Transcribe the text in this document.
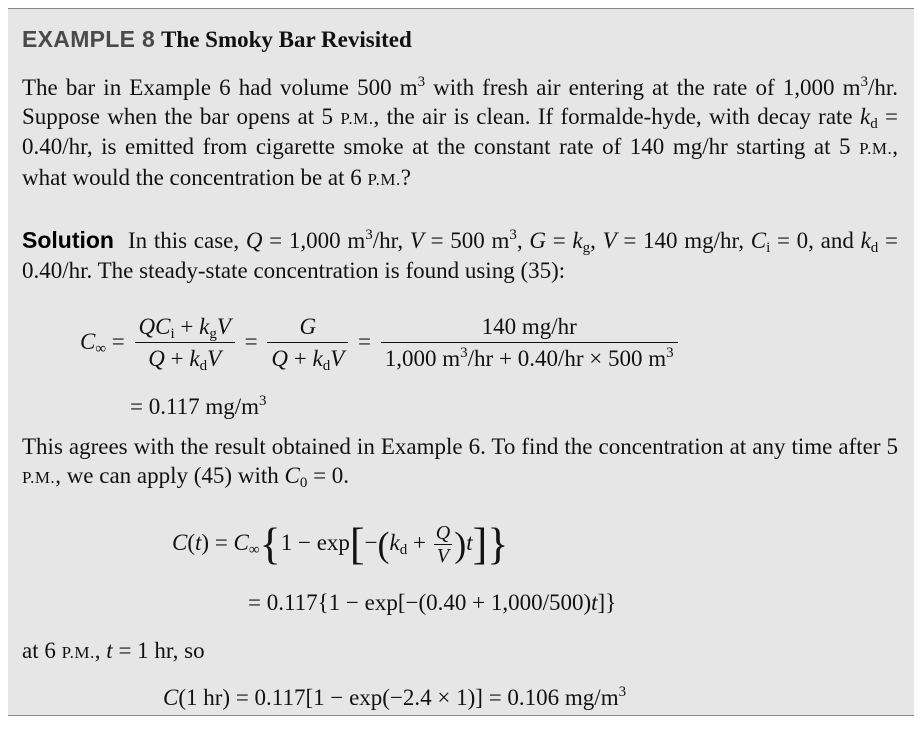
EXAMPLE 8 The Smoky Bar Revisited
The bar in Example 6 had volume 500 $m^3$ with fresh air entering at the rate of 1,000 $m^3/hr$. Suppose when the bar opens at 5 P.M., the air is clean. If formalde-hyde, with decay rate $k_d = 0.40/hr$, is emitted from cigarette smoke at the constant rate of 140 mg/hr starting at 5 P.M., what would the concentration be at 6 P.M.?
Solution In this case, Q = 1,000 $m^3/hr$, V = 500 $m^3$, $G = k_g$, V = 140 mg/hr, $C_i = 0$, and $k_d = 0.40/hr$. The steady-state concentration is found using (35):
$C_\infty = \frac{QC_i + k_gV}{Q + k_dV} = \frac{G}{Q + k_dV} = \frac{140 mg/hr}{1,000 m^3/hr + 0.40/hr \times 500 m^3}$
= 0.117 $mg/m^3$
This agrees with the result obtained in Example 6. To find the concentration at any time after 5 P.M., we can apply (45) with $C_0 = 0$.
$C(t) = C_\infty\{1 - \exp[-(k_d + \frac{Q}{V} )t]\}$
= 0.117{1 − exp[−(0.40 + 1,000/500)t]}
at 6 P.M., t = 1 hr, so
C(1 hr) = 0.117[1 − exp(−2.4 × 1)] = 0.106 $mg/m^3$
